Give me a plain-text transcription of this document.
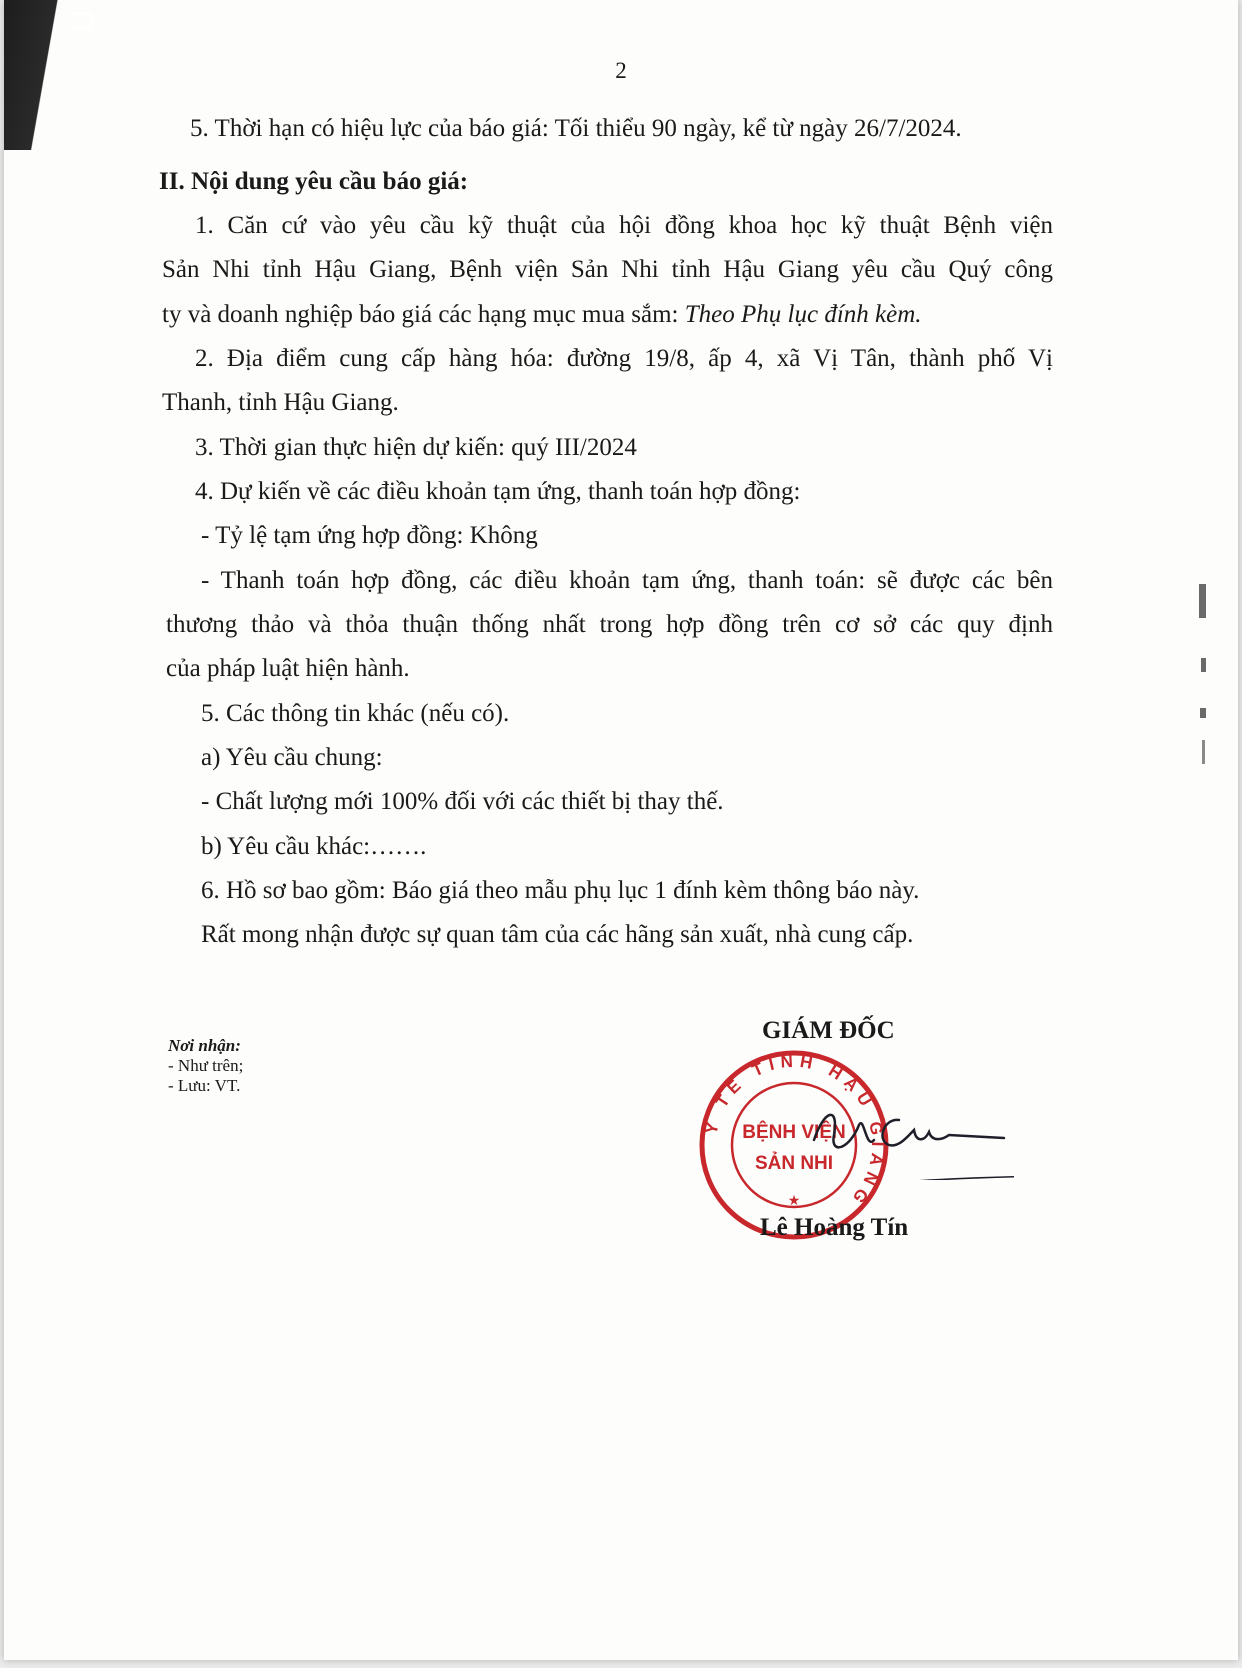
2
5. Thời hạn có hiệu lực của báo giá: Tối thiểu 90 ngày, kể từ ngày 26/7/2024.
II. Nội dung yêu cầu báo giá:
1. Căn cứ vào yêu cầu kỹ thuật của hội đồng khoa học kỹ thuật Bệnh viện
Sản Nhi tỉnh Hậu Giang, Bệnh viện Sản Nhi tỉnh Hậu Giang yêu cầu Quý công
ty và doanh nghiệp báo giá các hạng mục mua sắm: Theo Phụ lục đính kèm.
2. Địa điểm cung cấp hàng hóa: đường 19/8, ấp 4, xã Vị Tân, thành phố Vị
Thanh, tỉnh Hậu Giang.
3. Thời gian thực hiện dự kiến: quý III/2024
4. Dự kiến về các điều khoản tạm ứng, thanh toán hợp đồng:
- Tỷ lệ tạm ứng hợp đồng: Không
- Thanh toán hợp đồng, các điều khoản tạm ứng, thanh toán: sẽ được các bên
thương thảo và thỏa thuận thống nhất trong hợp đồng trên cơ sở các quy định
của pháp luật hiện hành.
5. Các thông tin khác (nếu có).
a) Yêu cầu chung:
- Chất lượng mới 100% đối với các thiết bị thay thế.
b) Yêu cầu khác:…….
6. Hồ sơ bao gồm: Báo giá theo mẫu phụ lục 1 đính kèm thông báo này.
Rất mong nhận được sự quan tâm của các hãng sản xuất, nhà cung cấp.
Nơi nhận:
- Như trên;
- Lưu: VT.
GIÁM ĐỐC
Y TẾ TỈNH HẬU GIANG
BỆNH VIỆN
SẢN NHI
★
Lê Hoàng Tín
